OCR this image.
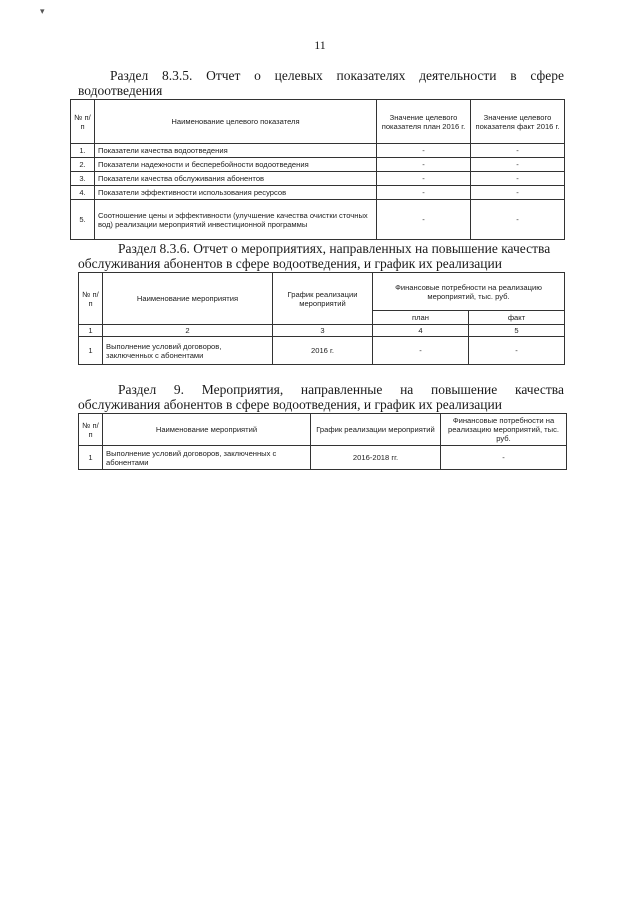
▾
11
Раздел 8.3.5. Отчет о целевых показателях деятельности в сфере
водоотведения
№ п/п	Наименование целевого показателя	Значение целевого показателя план 2016 г.	Значение целевого показателя факт 2016 г.
1.	Показатели качества водоотведения	-	-
2.	Показатели надежности и бесперебойности водоотведения	-	-
3.	Показатели качества обслуживания абонентов	-	-
4.	Показатели эффективности использования ресурсов	-	-
5.	Соотношение цены и эффективности (улучшение качества очистки сточных вод) реализации мероприятий инвестиционной программы	-	-
Раздел 8.3.6. Отчет о мероприятиях, направленных на повышение качества
обслуживания абонентов в сфере водоотведения, и график их реализации
№ п/п	Наименование мероприятия	График реализации мероприятий	Финансовые потребности на реализацию мероприятий, тыс. руб.	
			план	факт
1	2	3	4	5
1	Выполнение условий договоров, заключенных с абонентами	2016 г.	-	-
Раздел 9. Мероприятия, направленные на повышение качества
обслуживания абонентов в сфере водоотведения, и график их реализации
№ п/п	Наименование мероприятий	График реализации мероприятий	Финансовые потребности на реализацию мероприятий, тыс. руб.
1	Выполнение условий договоров, заключенных с абонентами	2016-2018 гг.	-
